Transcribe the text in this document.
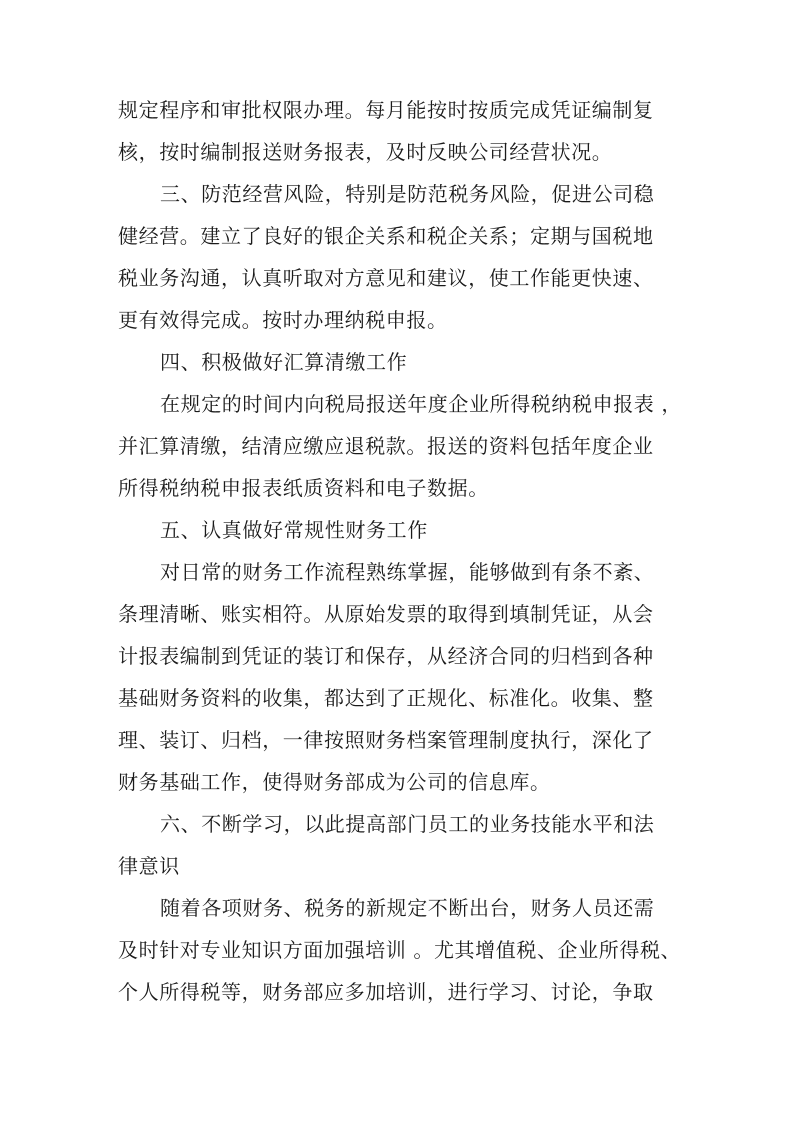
规定程序和审批权限办理。每月能按时按质完成凭证编制复

核，按时编制报送财务报表，及时反映公司经营状况。

三、防范经营风险，特别是防范税务风险，促进公司稳

健经营。建立了良好的银企关系和税企关系；定期与国税地

税业务沟通，认真听取对方意见和建议，使工作能更快速、

更有效得完成。按时办理纳税申报。

四、积极做好汇算清缴工作

在规定的时间内向税局报送年度企业所得税纳税申报表 ，

并汇算清缴，结清应缴应退税款。报送的资料包括年度企业

所得税纳税申报表纸质资料和电子数据。

五、认真做好常规性财务工作

对日常的财务工作流程熟练掌握，能够做到有条不紊、

条理清晰、账实相符。从原始发票的取得到填制凭证，从会

计报表编制到凭证的装订和保存，从经济合同的归档到各种

基础财务资料的收集，都达到了正规化、标准化。收集、整

理、装订、归档，一律按照财务档案管理制度执行，深化了

财务基础工作，使得财务部成为公司的信息库。

六、不断学习，以此提高部门员工的业务技能水平和法

律意识

随着各项财务、税务的新规定不断出台，财务人员还需

及时针对专业知识方面加强培训 。尤其增值税、企业所得税、

个人所得税等，财务部应多加培训，进行学习、讨论，争取
